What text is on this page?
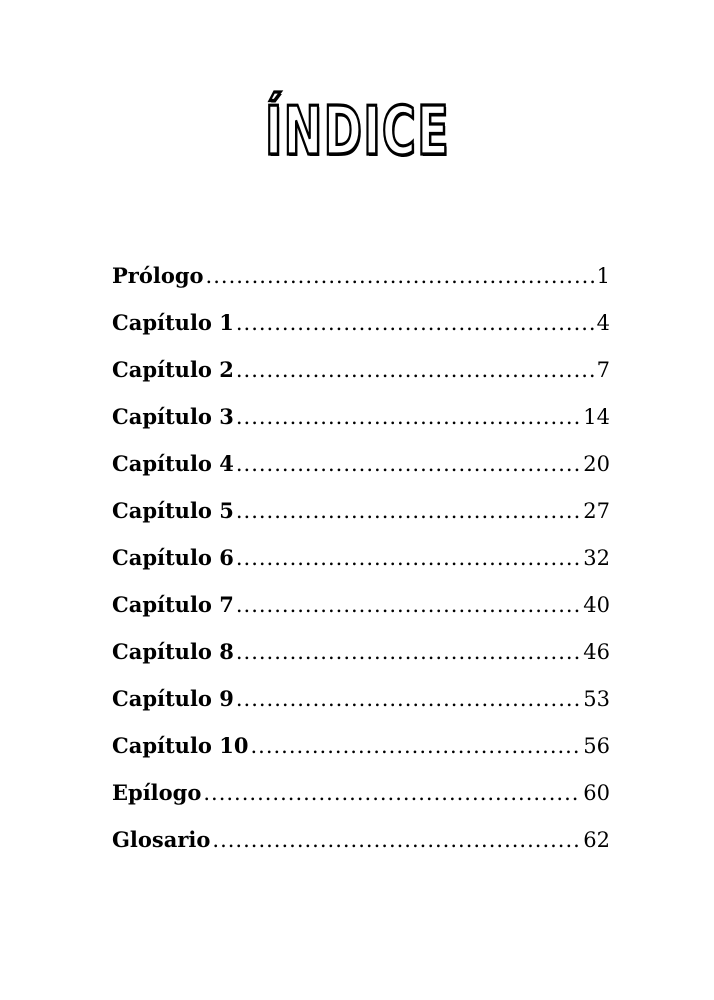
ÍNDICE
Prólogo .....	1
Capítulo 1 .....	4
Capítulo 2 .....	7
Capítulo 3 .....	14
Capítulo 4 .....	20
Capítulo 5 .....	27
Capítulo 6 .....	32
Capítulo 7 .....	40
Capítulo 8 .....	46
Capítulo 9 .....	53
Capítulo 10 .....	56
Epílogo .....	60
Glosario .....	62
